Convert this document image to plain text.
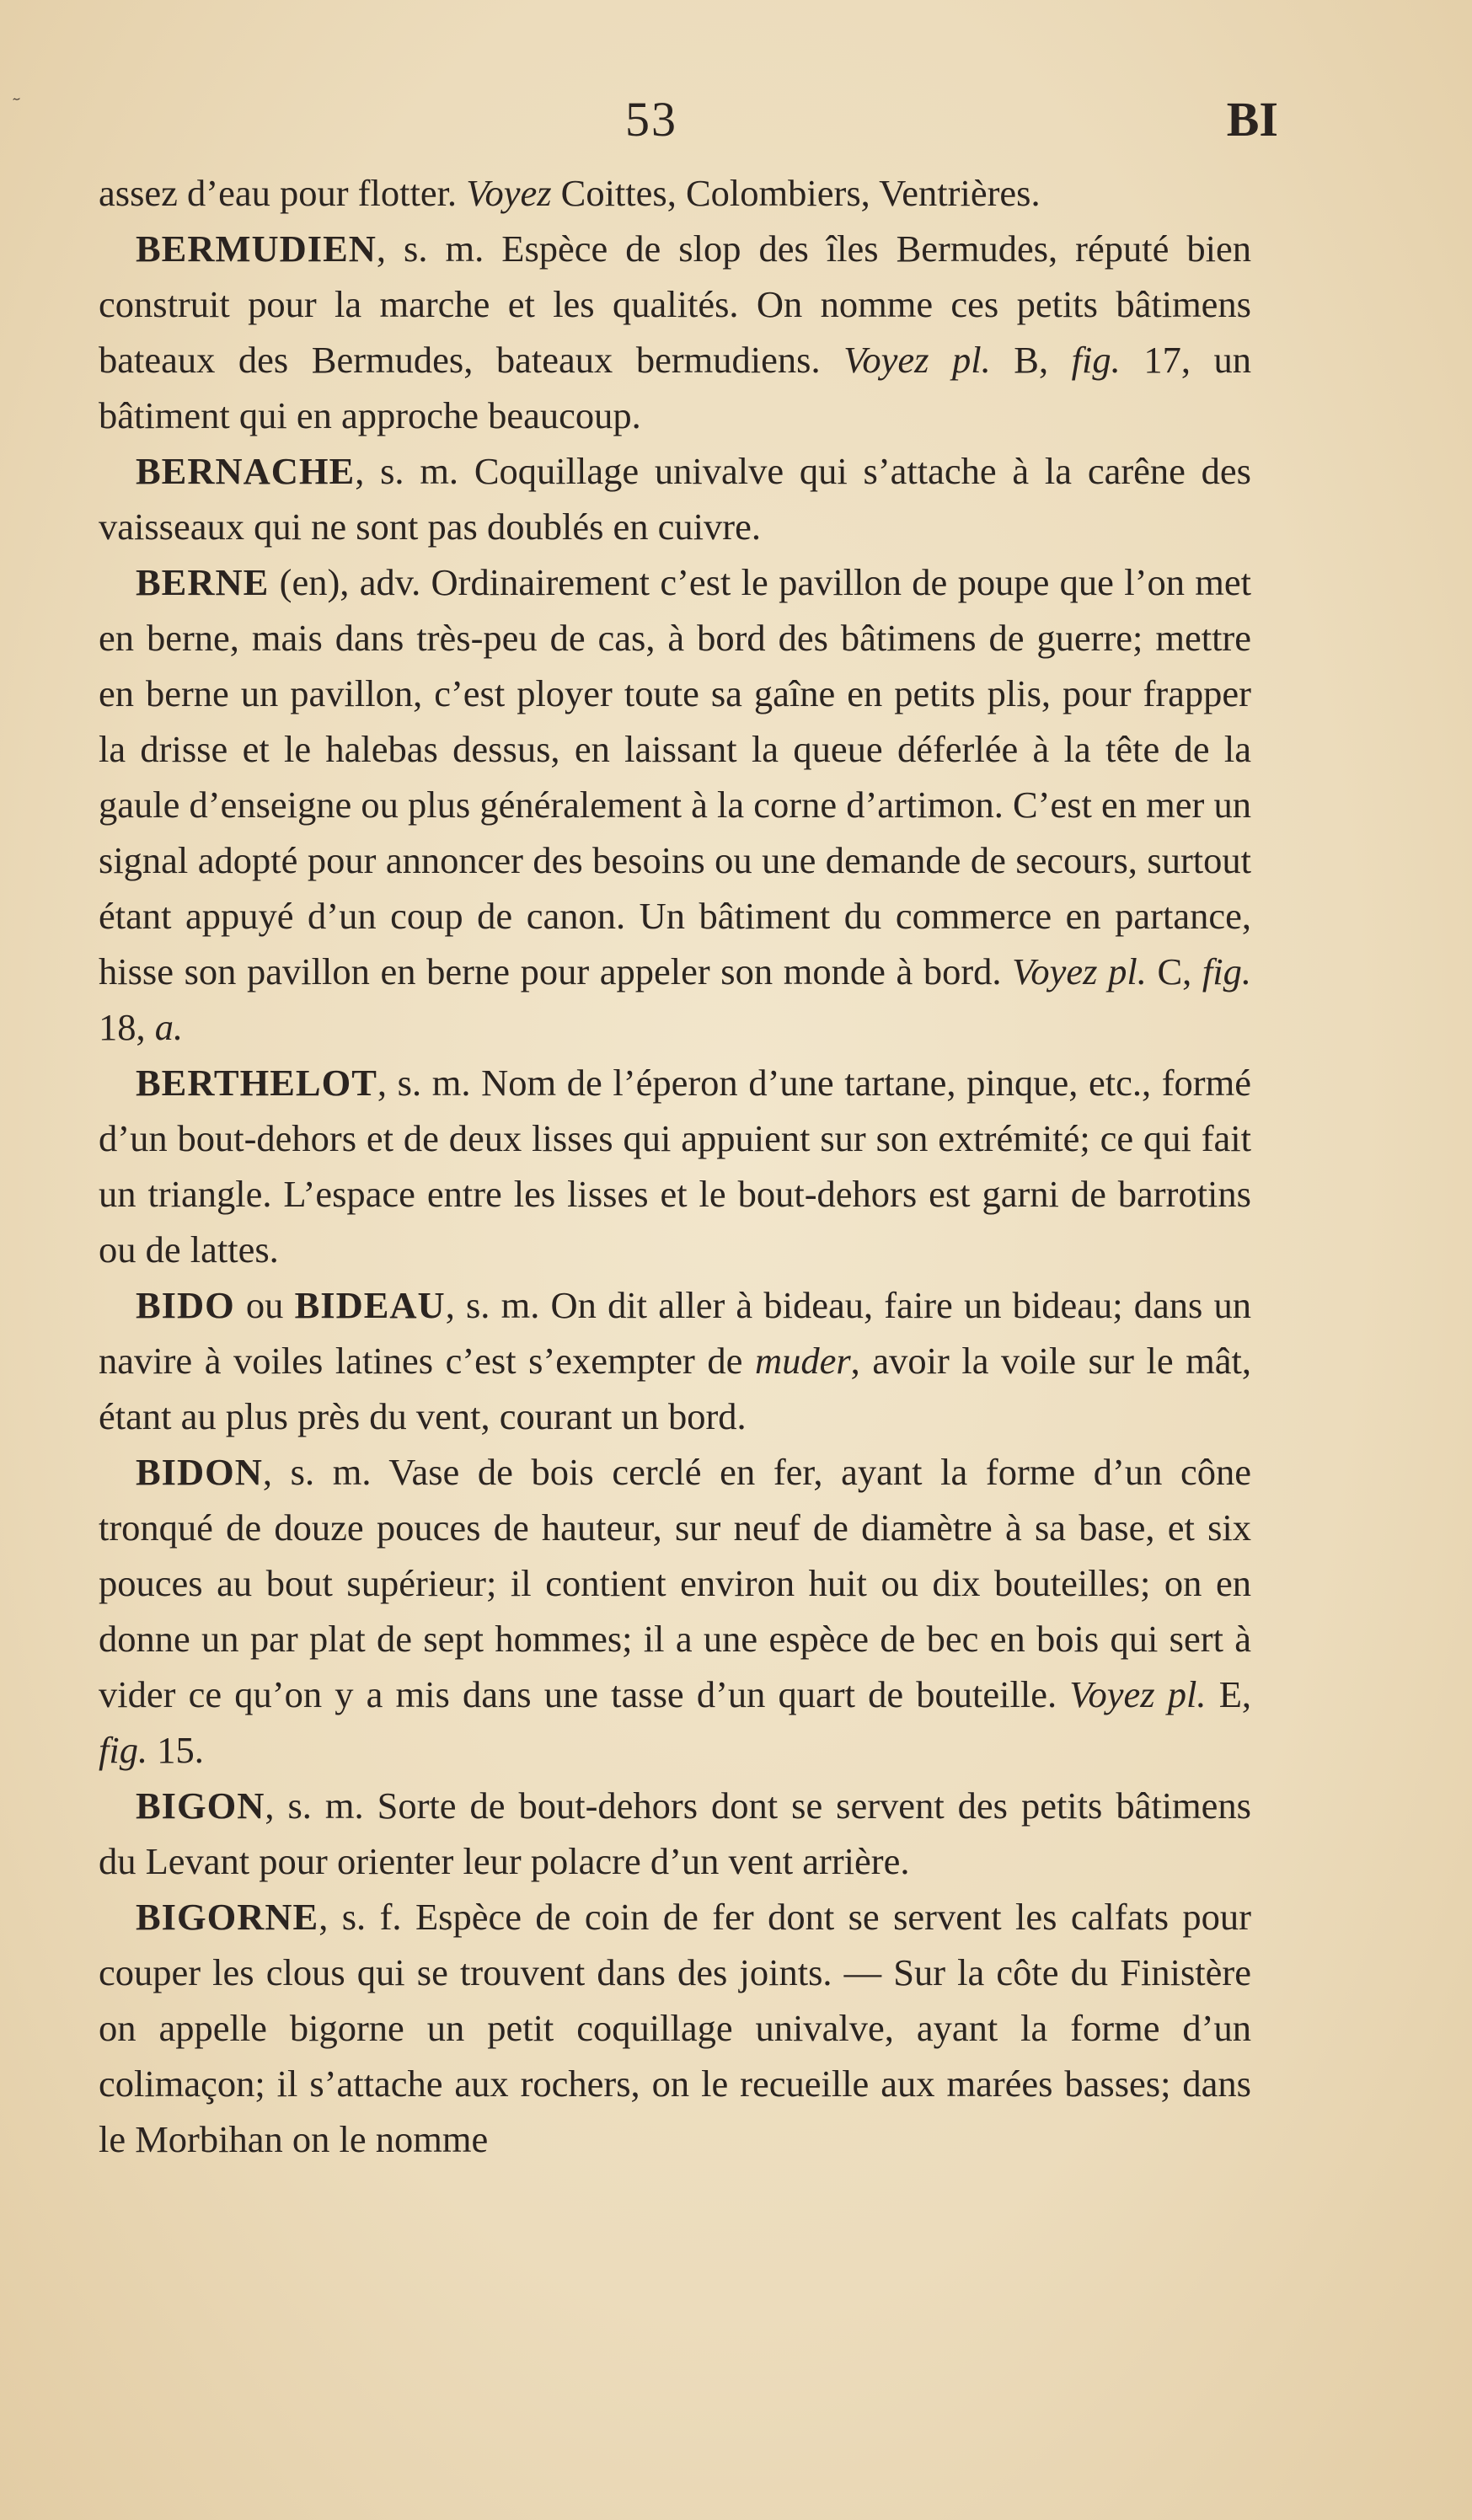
53	BI

assez d’eau pour flotter. Voyez Coittes, Colombiers, Ventrières.

BERMUDIEN, s. m. Espèce de slop des îles Bermudes, réputé bien construit pour la marche et les qualités. On nomme ces petits bâtimens bateaux des Bermudes, bateaux bermudiens. Voyez pl. B, fig. 17, un bâtiment qui en approche beaucoup.

BERNACHE, s. m. Coquillage univalve qui s’attache à la carêne des vaisseaux qui ne sont pas doublés en cuivre.

BERNE (en), adv. Ordinairement c’est le pavillon de poupe que l’on met en berne, mais dans très-peu de cas, à bord des bâtimens de guerre; mettre en berne un pavillon, c’est ployer toute sa gaîne en petits plis, pour frapper la drisse et le halebas dessus, en laissant la queue déferlée à la tête de la gaule d’enseigne ou plus généralement à la corne d’artimon. C’est en mer un signal adopté pour annoncer des besoins ou une demande de secours, surtout étant appuyé d’un coup de canon. Un bâtiment du commerce en partance, hisse son pavillon en berne pour appeler son monde à bord. Voyez pl. C, fig. 18, a.

BERTHELOT, s. m. Nom de l’éperon d’une tartane, pinque, etc., formé d’un bout-dehors et de deux lisses qui appuient sur son extrémité; ce qui fait un triangle. L’espace entre les lisses et le bout-dehors est garni de barrotins ou de lattes.

BIDO ou BIDEAU, s. m. On dit aller à bideau, faire un bideau; dans un navire à voiles latines c’est s’exempter de muder, avoir la voile sur le mât, étant au plus près du vent, courant un bord.

BIDON, s. m. Vase de bois cerclé en fer, ayant la forme d’un cône tronqué de douze pouces de hauteur, sur neuf de diamètre à sa base, et six pouces au bout supérieur; il contient environ huit ou dix bouteilles; on en donne un par plat de sept hommes; il a une espèce de bec en bois qui sert à vider ce qu’on y a mis dans une tasse d’un quart de bouteille. Voyez pl. E, fig. 15.

BIGON, s. m. Sorte de bout-dehors dont se servent des petits bâtimens du Levant pour orienter leur polacre d’un vent arrière.

BIGORNE, s. f. Espèce de coin de fer dont se servent les calfats pour couper les clous qui se trouvent dans des joints. — Sur la côte du Finistère on appelle bigorne un petit coquillage univalve, ayant la forme d’un colimaçon; il s’attache aux rochers, on le recueille aux marées basses; dans le Morbihan on le nomme
